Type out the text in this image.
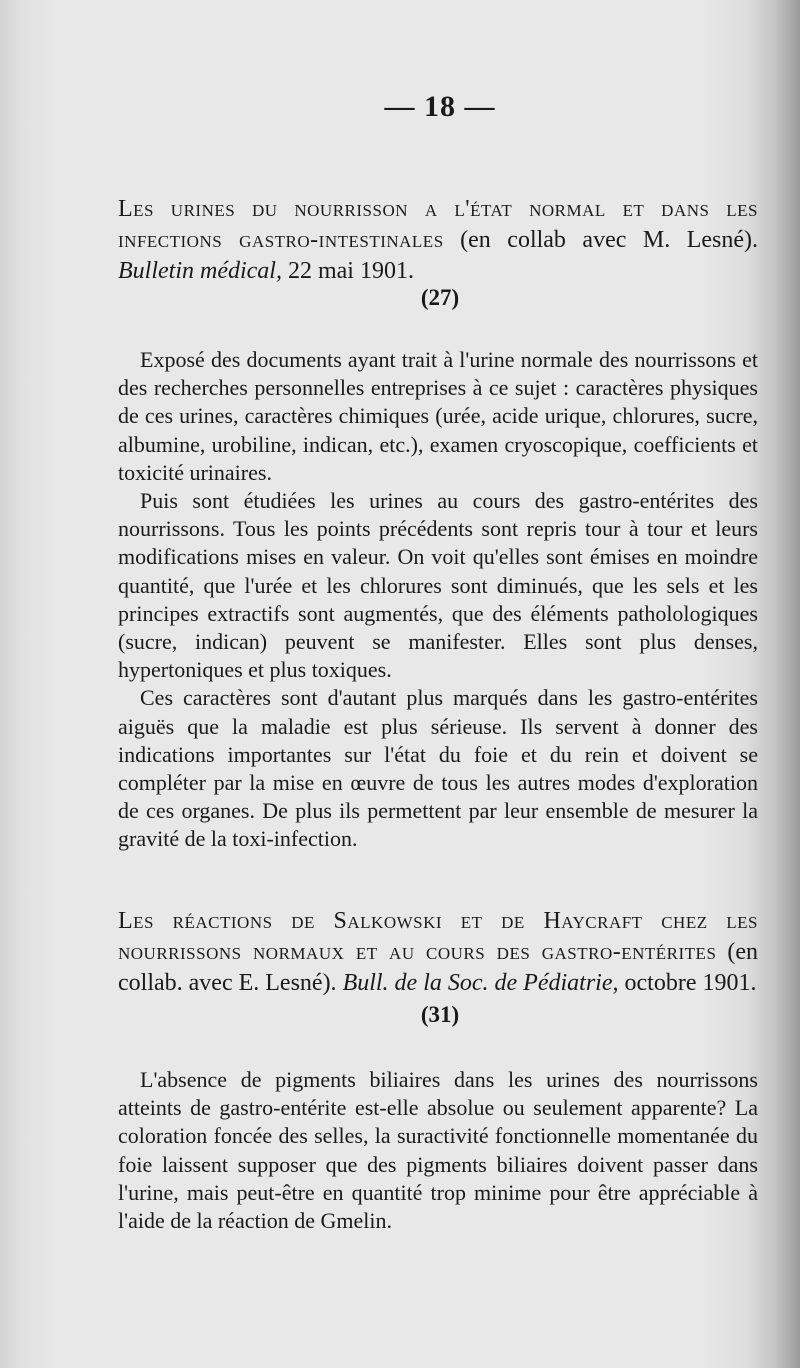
— 18 —
Les urines du nourrisson a l'état normal et dans les infections gastro-intestinales (en collab avec M. Lesné). Bulletin médical, 22 mai 1901.
(27)

Exposé des documents ayant trait à l'urine normale des nourrissons et des recherches personnelles entreprises à ce sujet : caractères physiques de ces urines, caractères chimiques (urée, acide urique, chlorures, sucre, albumine, urobiline, indican, etc.), examen cryoscopique, coefficients et toxicité urinaires.

Puis sont étudiées les urines au cours des gastro-entérites des nourrissons. Tous les points précédents sont repris tour à tour et leurs modifications mises en valeur. On voit qu'elles sont émises en moindre quantité, que l'urée et les chlorures sont diminués, que les sels et les principes extractifs sont augmentés, que des éléments patholologiques (sucre, indican) peuvent se manifester. Elles sont plus denses, hypertoniques et plus toxiques.

Ces caractères sont d'autant plus marqués dans les gastro-entérites aiguës que la maladie est plus sérieuse. Ils servent à donner des indications importantes sur l'état du foie et du rein et doivent se compléter par la mise en œuvre de tous les autres modes d'exploration de ces organes. De plus ils permettent par leur ensemble de mesurer la gravité de la toxi-infection.

Les réactions de Salkowski et de Haycraft chez les nourrissons normaux et au cours des gastro-entérites (en collab. avec E. Lesné). Bull. de la Soc. de Pédiatrie, octobre 1901.
(31)

L'absence de pigments biliaires dans les urines des nourrissons atteints de gastro-entérite est-elle absolue ou seulement apparente? La coloration foncée des selles, la suractivité fonctionnelle momentanée du foie laissent supposer que des pigments biliaires doivent passer dans l'urine, mais peut-être en quantité trop minime pour être appréciable à l'aide de la réaction de Gmelin.
